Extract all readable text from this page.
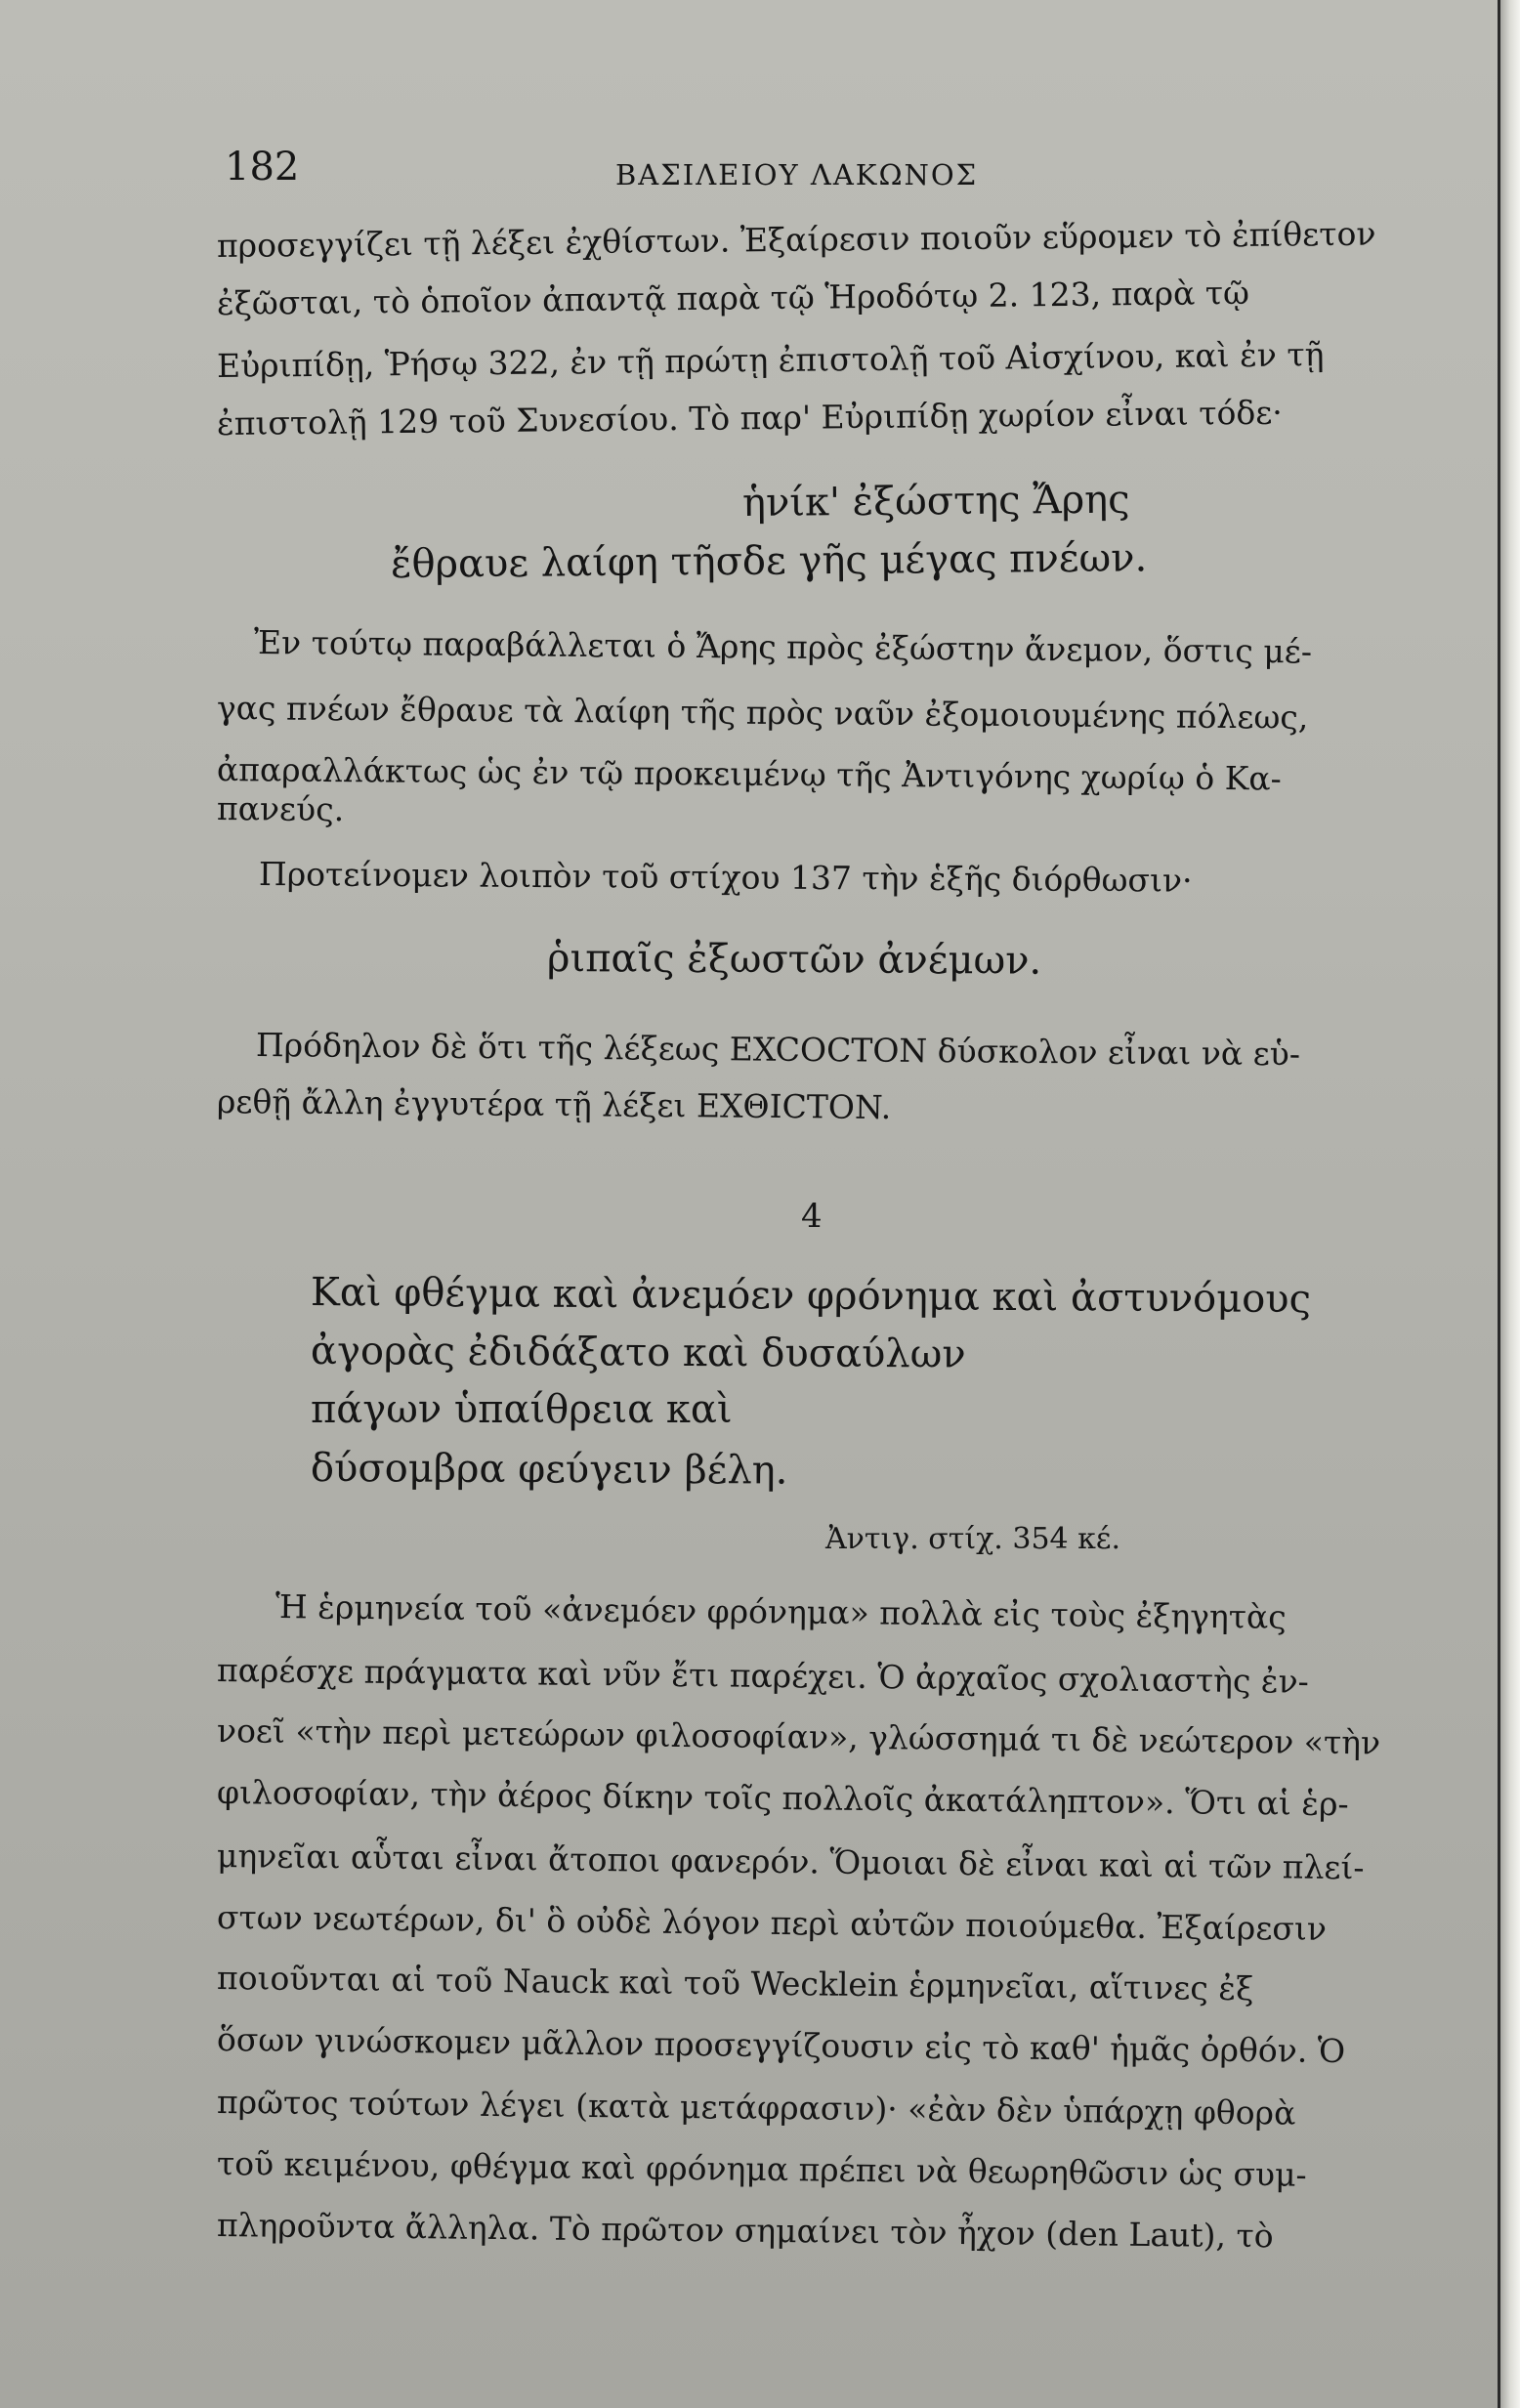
182	ΒΑΣΙΛΕΙΟΥ ΛΑΚΩΝΟΣ
προσεγγίζει τῇ λέξει ἐχθίστων. Ἐξαίρεσιν ποιοῦν εὕρομεν τὸ ἐπίθετον
ἐξῶσται, τὸ ὁποῖον ἀπαντᾷ παρὰ τῷ Ἡροδότῳ 2. 123, παρὰ τῷ
Εὐριπίδῃ, Ῥήσῳ 322, ἐν τῇ πρώτῃ ἐπιστολῇ τοῦ Αἰσχίνου, καὶ ἐν τῇ
ἐπιστολῇ 129 τοῦ Συνεσίου. Τὸ παρ' Εὐριπίδῃ χωρίον εἶναι τόδε·
ἡνίκ' ἐξώστης Ἄρης
ἔθραυε λαίφη τῆσδε γῆς μέγας πνέων.
Ἐν τούτῳ παραβάλλεται ὁ Ἄρης πρὸς ἐξώστην ἄνεμον, ὅστις μέ-
γας πνέων ἔθραυε τὰ λαίφη τῆς πρὸς ναῦν ἐξομοιουμένης πόλεως,
ἀπαραλλάκτως ὡς ἐν τῷ προκειμένῳ τῆς Ἀντιγόνης χωρίῳ ὁ Κα-
πανεύς.
Προτείνομεν λοιπὸν τοῦ στίχου 137 τὴν ἑξῆς διόρθωσιν·
ῥιπαῖς ἐξωστῶν ἀνέμων.
Πρόδηλον δὲ ὅτι τῆς λέξεως EXCOCTON δύσκολον εἶναι νὰ εὑ-
ρεθῇ ἄλλη ἐγγυτέρα τῇ λέξει EXΘICTON.
4
Καὶ φθέγμα καὶ ἀνεμόεν φρόνημα καὶ ἀστυνόμους
ἀγορὰς ἐδιδάξατο καὶ δυσαύλων
πάγων ὑπαίθρεια καὶ
δύσομβρα φεύγειν βέλη.
Ἀντιγ. στίχ. 354 κέ.
Ἡ ἑρμηνεία τοῦ «ἀνεμόεν φρόνημα» πολλὰ εἰς τοὺς ἐξηγητὰς
παρέσχε πράγματα καὶ νῦν ἔτι παρέχει. Ὁ ἀρχαῖος σχολιαστὴς ἐν-
νοεῖ «τὴν περὶ μετεώρων φιλοσοφίαν», γλώσσημά τι δὲ νεώτερον «τὴν
φιλοσοφίαν, τὴν ἀέρος δίκην τοῖς πολλοῖς ἀκατάληπτον». Ὅτι αἱ ἑρ-
μηνεῖαι αὗται εἶναι ἄτοποι φανερόν. Ὅμοιαι δὲ εἶναι καὶ αἱ τῶν πλεί-
στων νεωτέρων, δι' ὃ οὐδὲ λόγον περὶ αὐτῶν ποιούμεθα. Ἐξαίρεσιν
ποιοῦνται αἱ τοῦ Nauck καὶ τοῦ Wecklein ἑρμηνεῖαι, αἵτινες ἐξ
ὅσων γινώσκομεν μᾶλλον προσεγγίζουσιν εἰς τὸ καθ' ἡμᾶς ὀρθόν. Ὁ
πρῶτος τούτων λέγει (κατὰ μετάφρασιν)· «ἐὰν δὲν ὑπάρχῃ φθορὰ
τοῦ κειμένου, φθέγμα καὶ φρόνημα πρέπει νὰ θεωρηθῶσιν ὡς συμ-
πληροῦντα ἄλληλα. Τὸ πρῶτον σημαίνει τὸν ἦχον (den Laut), τὸ
